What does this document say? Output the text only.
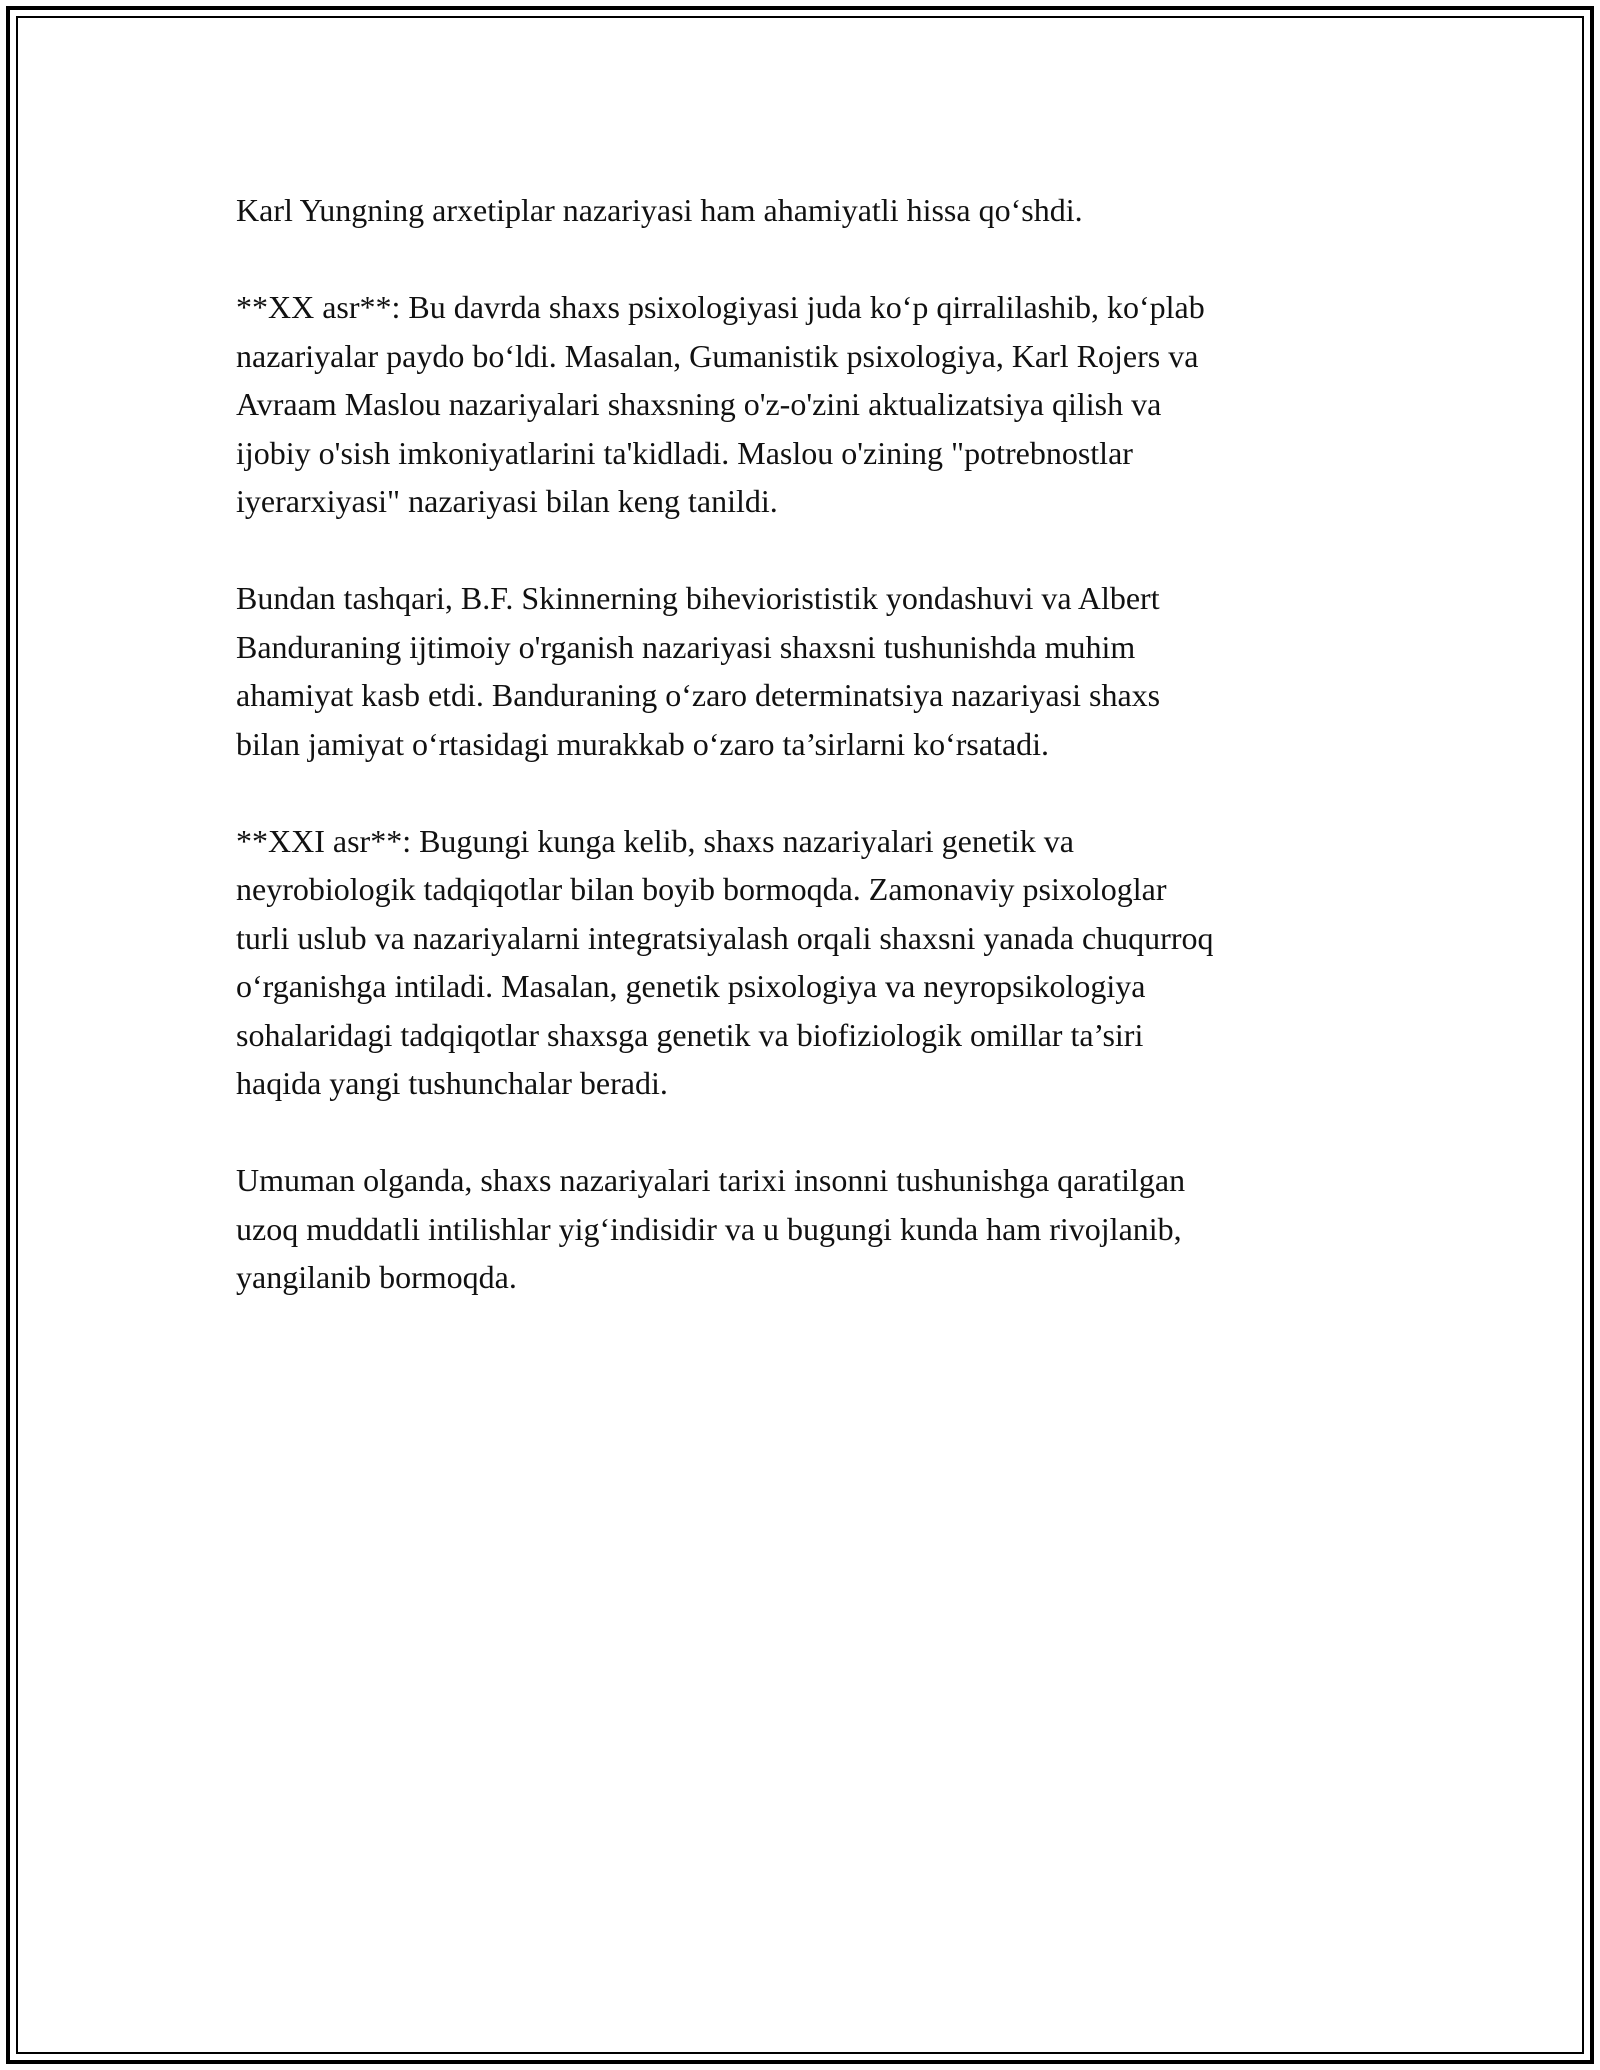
Karl Yungning arxetiplar nazariyasi ham ahamiyatli hissa qo‘shdi.

**XX asr**: Bu davrda shaxs psixologiyasi juda ko‘p qirralilashib, ko‘plab
nazariyalar paydo bo‘ldi. Masalan, Gumanistik psixologiya, Karl Rojers va
Avraam Maslou nazariyalari shaxsning o'z-o'zini aktualizatsiya qilish va
ijobiy o'sish imkoniyatlarini ta'kidladi. Maslou o'zining "potrebnostlar
iyerarxiyasi" nazariyasi bilan keng tanildi.

Bundan tashqari, B.F. Skinnerning biheviorististik yondashuvi va Albert
Banduraning ijtimoiy o'rganish nazariyasi shaxsni tushunishda muhim
ahamiyat kasb etdi. Banduraning o‘zaro determinatsiya nazariyasi shaxs
bilan jamiyat o‘rtasidagi murakkab o‘zaro ta’sirlarni ko‘rsatadi.

**XXI asr**: Bugungi kunga kelib, shaxs nazariyalari genetik va
neyrobiologik tadqiqotlar bilan boyib bormoqda. Zamonaviy psixologlar
turli uslub va nazariyalarni integratsiyalash orqali shaxsni yanada chuqurroq
o‘rganishga intiladi. Masalan, genetik psixologiya va neyropsikologiya
sohalaridagi tadqiqotlar shaxsga genetik va biofiziologik omillar ta’siri
haqida yangi tushunchalar beradi.

Umuman olganda, shaxs nazariyalari tarixi insonni tushunishga qaratilgan
uzoq muddatli intilishlar yig‘indisidir va u bugungi kunda ham rivojlanib,
yangilanib bormoqda.
